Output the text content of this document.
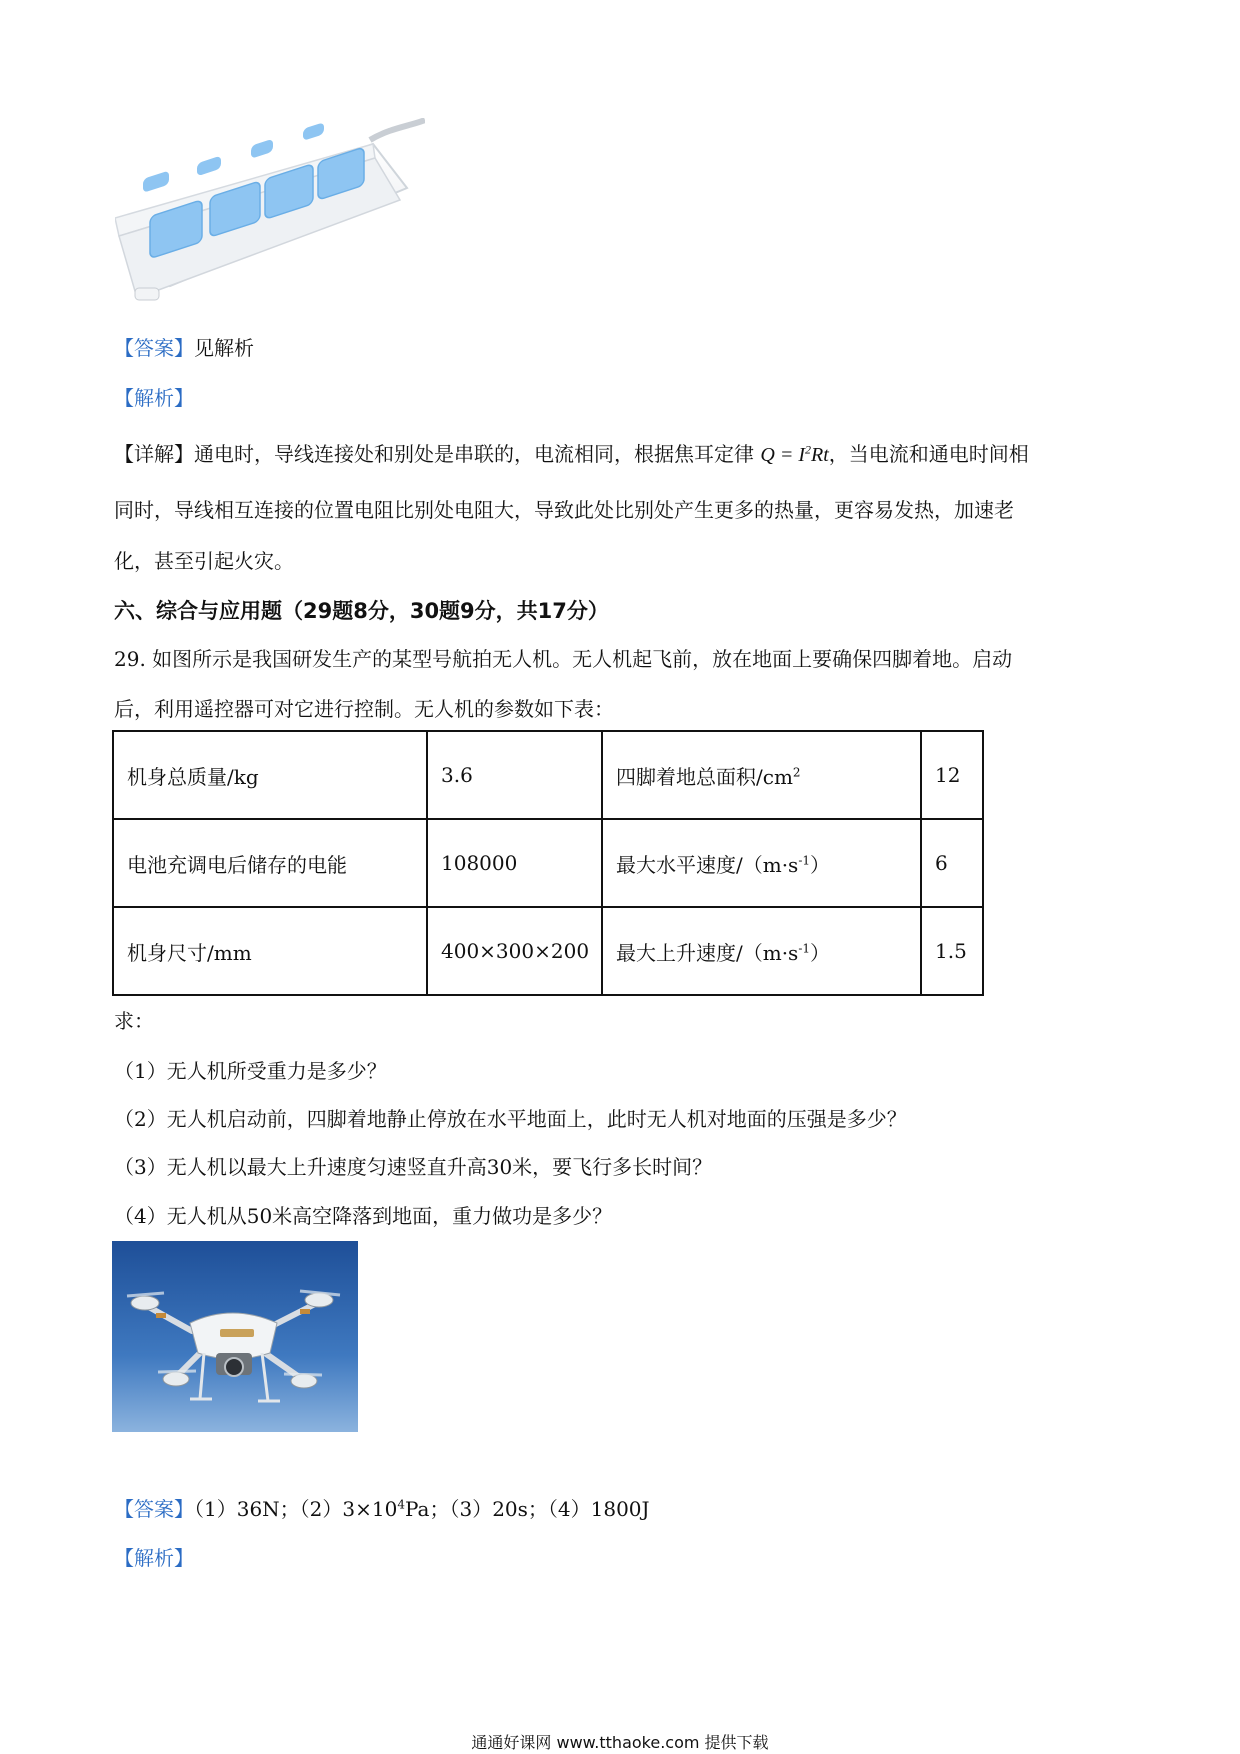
【答案】见解析
【解析】
【详解】通电时，导线连接处和别处是串联的，电流相同，根据焦耳定律 $Q = I^2Rt$，当电流和通电时间相
同时，导线相互连接的位置电阻比别处电阻大，导致此处比别处产生更多的热量，更容易发热，加速老
化，甚至引起火灾。
六、综合与应用题（29题8分，30题9分，共17分）
29. 如图所示是我国研发生产的某型号航拍无人机。无人机起飞前，放在地面上要确保四脚着地。启动
后，利用遥控器可对它进行控制。无人机的参数如下表：
机身总质量/kg	3.6	四脚着地总面积$/cm^2$	12
电池充调电后储存的电能	108000	最大水平速度$/(m\cdot s^{-1})$	6
机身尺寸/mm	400×300×200	最大上升速度$/(m\cdot s^{-1})$	1.5
求：
（1）无人机所受重力是多少？
（2）无人机启动前，四脚着地静止停放在水平地面上，此时无人机对地面的压强是多少？
（3）无人机以最大上升速度匀速竖直升高30米，要飞行多长时间？
（4）无人机从50米高空降落到地面，重力做功是多少？
【答案】（1）36N；$(2)3\times 10^4Pa$；（3）20s；（4）1800J
【解析】
通通好课网 www.tthaoke.com 提供下载
